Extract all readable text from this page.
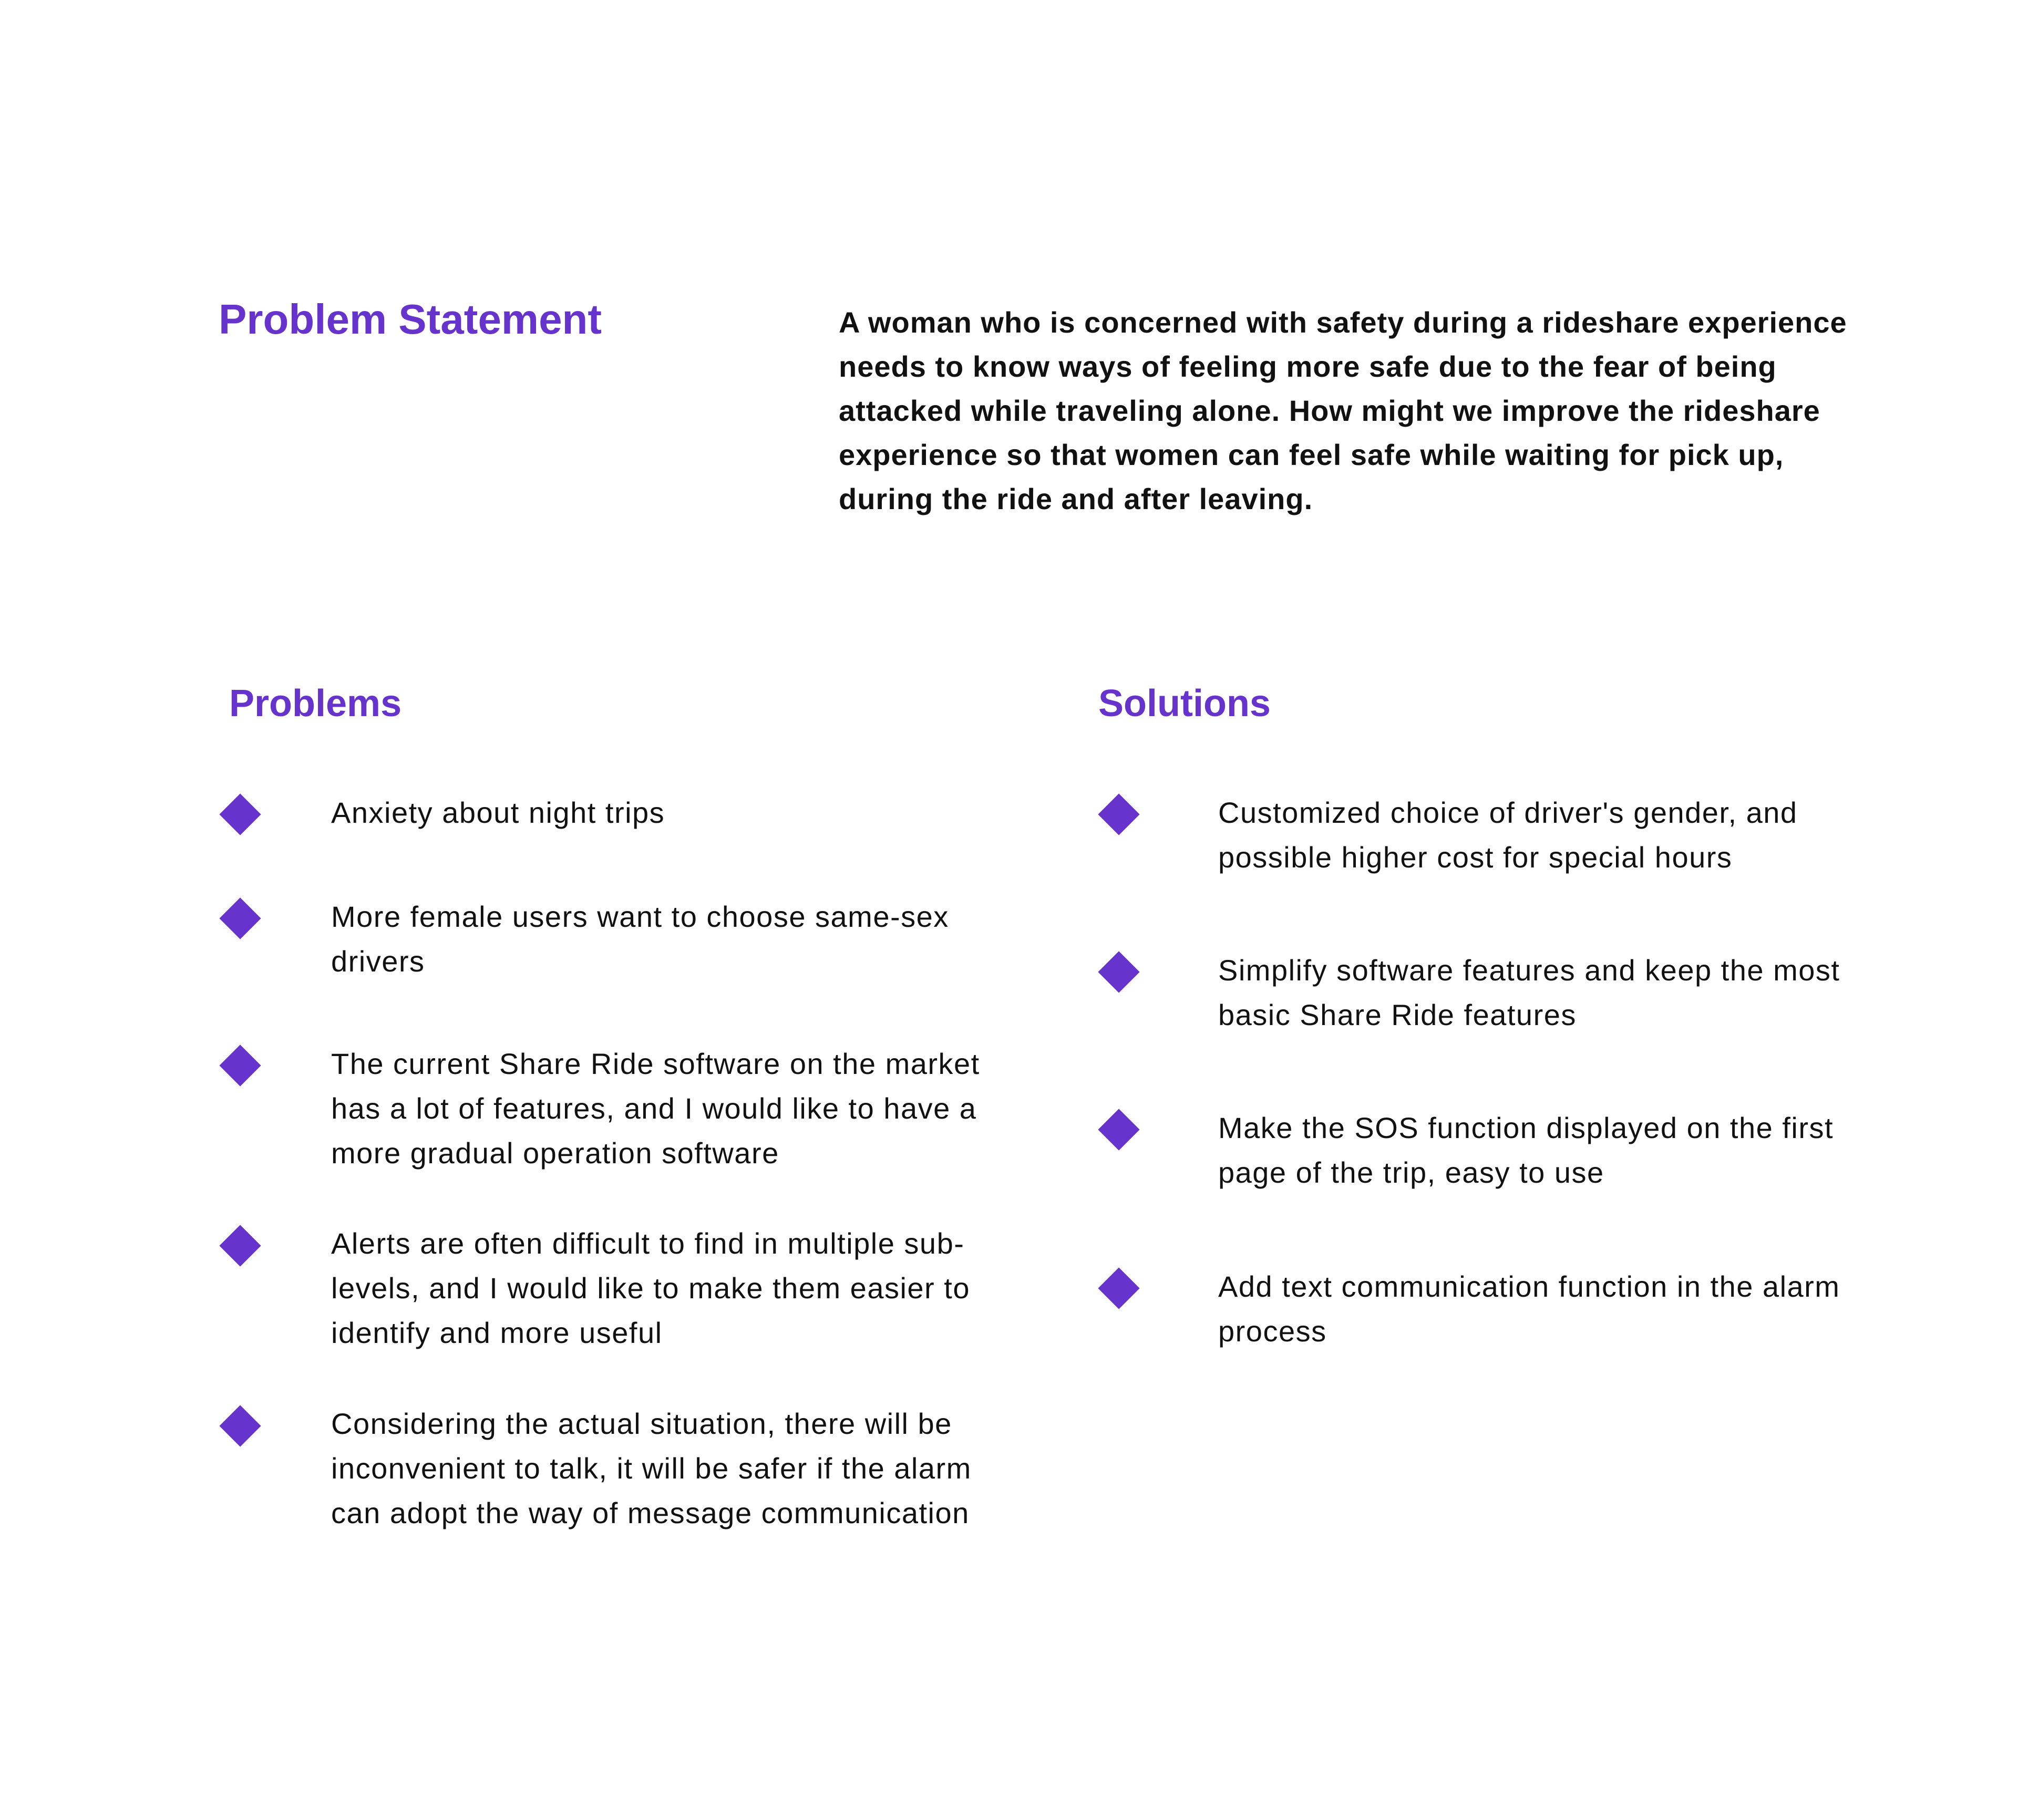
Problem Statement	A woman who is concerned with safety during a rideshare experience needs to know ways of feeling more safe due to the fear of being attacked while traveling alone. How might we improve the rideshare experience so that women can feel safe while waiting for pick up, during the ride and after leaving.

Problems

Anxiety about night trips

More female users want to choose same-sex drivers

The current Share Ride software on the market has a lot of features, and I would like to have a more gradual operation software

Alerts are often difficult to find in multiple sub-levels, and I would like to make them easier to identify and more useful

Considering the actual situation, there will be inconvenient to talk, it will be safer if the alarm can adopt the way of message communication

Solutions

Customized choice of driver's gender, and possible higher cost for special hours

Simplify software features and keep the most basic Share Ride features

Make the SOS function displayed on the first page of the trip, easy to use

Add text communication function in the alarm process
